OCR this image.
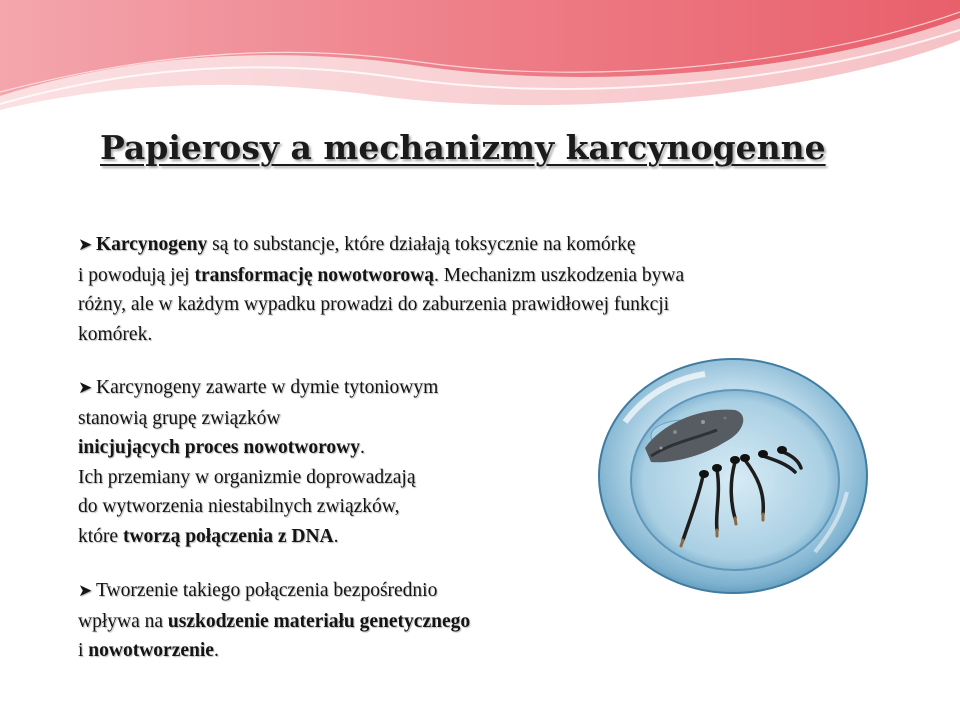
Papierosy a mechanizmy karcynogenne
➤ Karcynogeny są to substancje, które działają toksycznie na komórkę
i powodują jej transformację nowotworową. Mechanizm uszkodzenia bywa
różny, ale w każdym wypadku prowadzi do zaburzenia prawidłowej funkcji
komórek.
➤ Karcynogeny zawarte w dymie tytoniowym
stanowią grupę związków
inicjujących proces nowotworowy.
Ich przemiany w organizmie doprowadzają
do wytworzenia niestabilnych związków,
które tworzą połączenia z DNA.
➤ Tworzenie takiego połączenia bezpośrednio
wpływa na uszkodzenie materiału genetycznego
i nowotworzenie.
